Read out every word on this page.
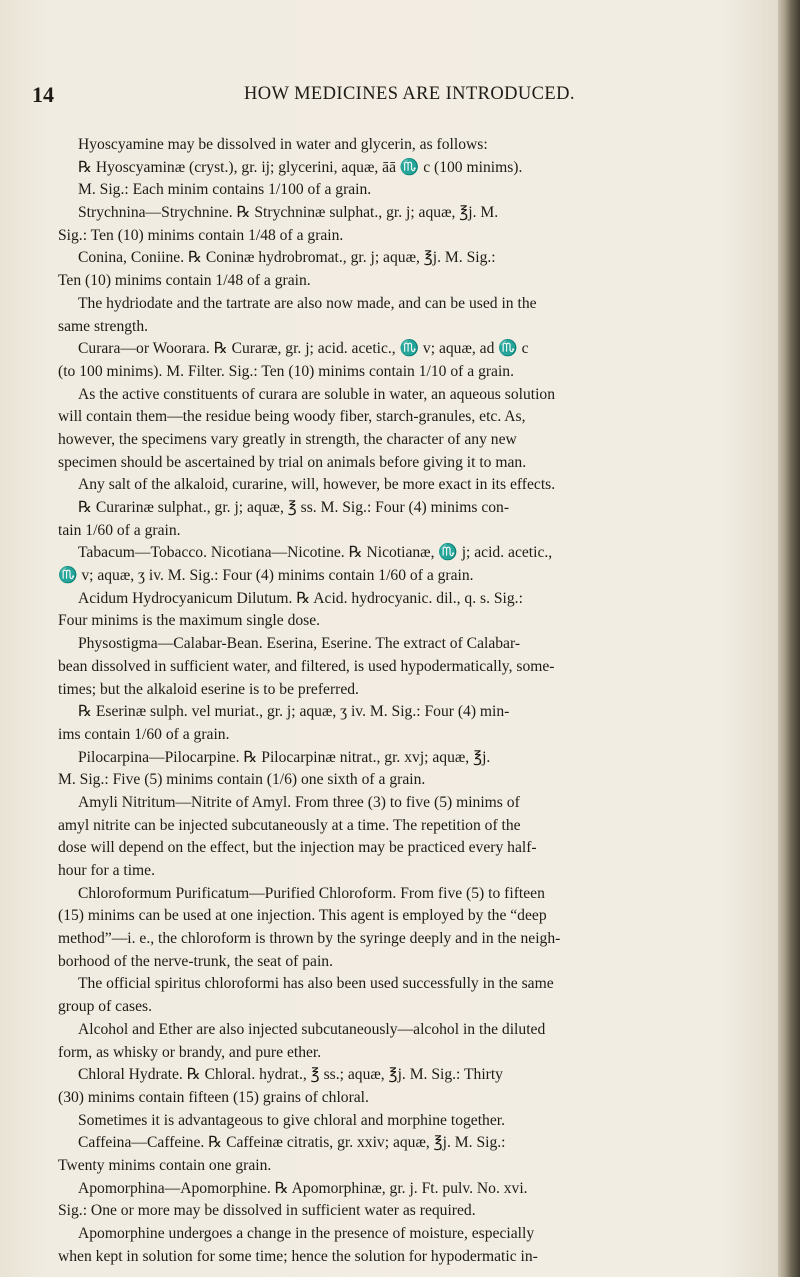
14	HOW MEDICINES ARE INTRODUCED.
Hyoscyamine may be dissolved in water and glycerin, as follows:
℞ Hyoscyaminæ (cryst.), gr. ij; glycerini, aquæ, āā ♏ c (100 minims).
M. Sig.: Each minim contains 1/100 of a grain.
Strychnina—Strychnine. ℞ Strychninæ sulphat., gr. j; aquæ, ℥j. M.
Sig.: Ten (10) minims contain 1/48 of a grain.
Conina, Coniine. ℞ Coninæ hydrobromat., gr. j; aquæ, ℥j. M. Sig.:
Ten (10) minims contain 1/48 of a grain.
The hydriodate and the tartrate are also now made, and can be used in the
same strength.
Curara—or Woorara. ℞ Curaræ, gr. j; acid. acetic., ♏ v; aquæ, ad ♏ c
(to 100 minims). M. Filter. Sig.: Ten (10) minims contain 1/10 of a grain.
As the active constituents of curara are soluble in water, an aqueous solution
will contain them—the residue being woody fiber, starch-granules, etc. As,
however, the specimens vary greatly in strength, the character of any new
specimen should be ascertained by trial on animals before giving it to man.
Any salt of the alkaloid, curarine, will, however, be more exact in its effects.
℞ Curarinæ sulphat., gr. j; aquæ, ℥ ss. M. Sig.: Four (4) minims con-
tain 1/60 of a grain.
Tabacum—Tobacco. Nicotiana—Nicotine. ℞ Nicotianæ, ♏ j; acid. acetic.,
♏ v; aquæ, ʒ iv. M. Sig.: Four (4) minims contain 1/60 of a grain.
Acidum Hydrocyanicum Dilutum. ℞ Acid. hydrocyanic. dil., q. s. Sig.:
Four minims is the maximum single dose.
Physostigma—Calabar-Bean. Eserina, Eserine. The extract of Calabar-
bean dissolved in sufficient water, and filtered, is used hypodermatically, some-
times; but the alkaloid eserine is to be preferred.
℞ Eserinæ sulph. vel muriat., gr. j; aquæ, ʒ iv. M. Sig.: Four (4) min-
ims contain 1/60 of a grain.
Pilocarpina—Pilocarpine. ℞ Pilocarpinæ nitrat., gr. xvj; aquæ, ℥j.
M. Sig.: Five (5) minims contain (1/6) one sixth of a grain.
Amyli Nitritum—Nitrite of Amyl. From three (3) to five (5) minims of
amyl nitrite can be injected subcutaneously at a time. The repetition of the
dose will depend on the effect, but the injection may be practiced every half-
hour for a time.
Chloroformum Purificatum—Purified Chloroform. From five (5) to fifteen
(15) minims can be used at one injection. This agent is employed by the “deep
method”—i. e., the chloroform is thrown by the syringe deeply and in the neigh-
borhood of the nerve-trunk, the seat of pain.
The official spiritus chloroformi has also been used successfully in the same
group of cases.
Alcohol and Ether are also injected subcutaneously—alcohol in the diluted
form, as whisky or brandy, and pure ether.
Chloral Hydrate. ℞ Chloral. hydrat., ℥ ss.; aquæ, ℥j. M. Sig.: Thirty
(30) minims contain fifteen (15) grains of chloral.
Sometimes it is advantageous to give chloral and morphine together.
Caffeina—Caffeine. ℞ Caffeinæ citratis, gr. xxiv; aquæ, ℥j. M. Sig.:
Twenty minims contain one grain.
Apomorphina—Apomorphine. ℞ Apomorphinæ, gr. j. Ft. pulv. No. xvi.
Sig.: One or more may be dissolved in sufficient water as required.
Apomorphine undergoes a change in the presence of moisture, especially
when kept in solution for some time; hence the solution for hypodermatic in-
